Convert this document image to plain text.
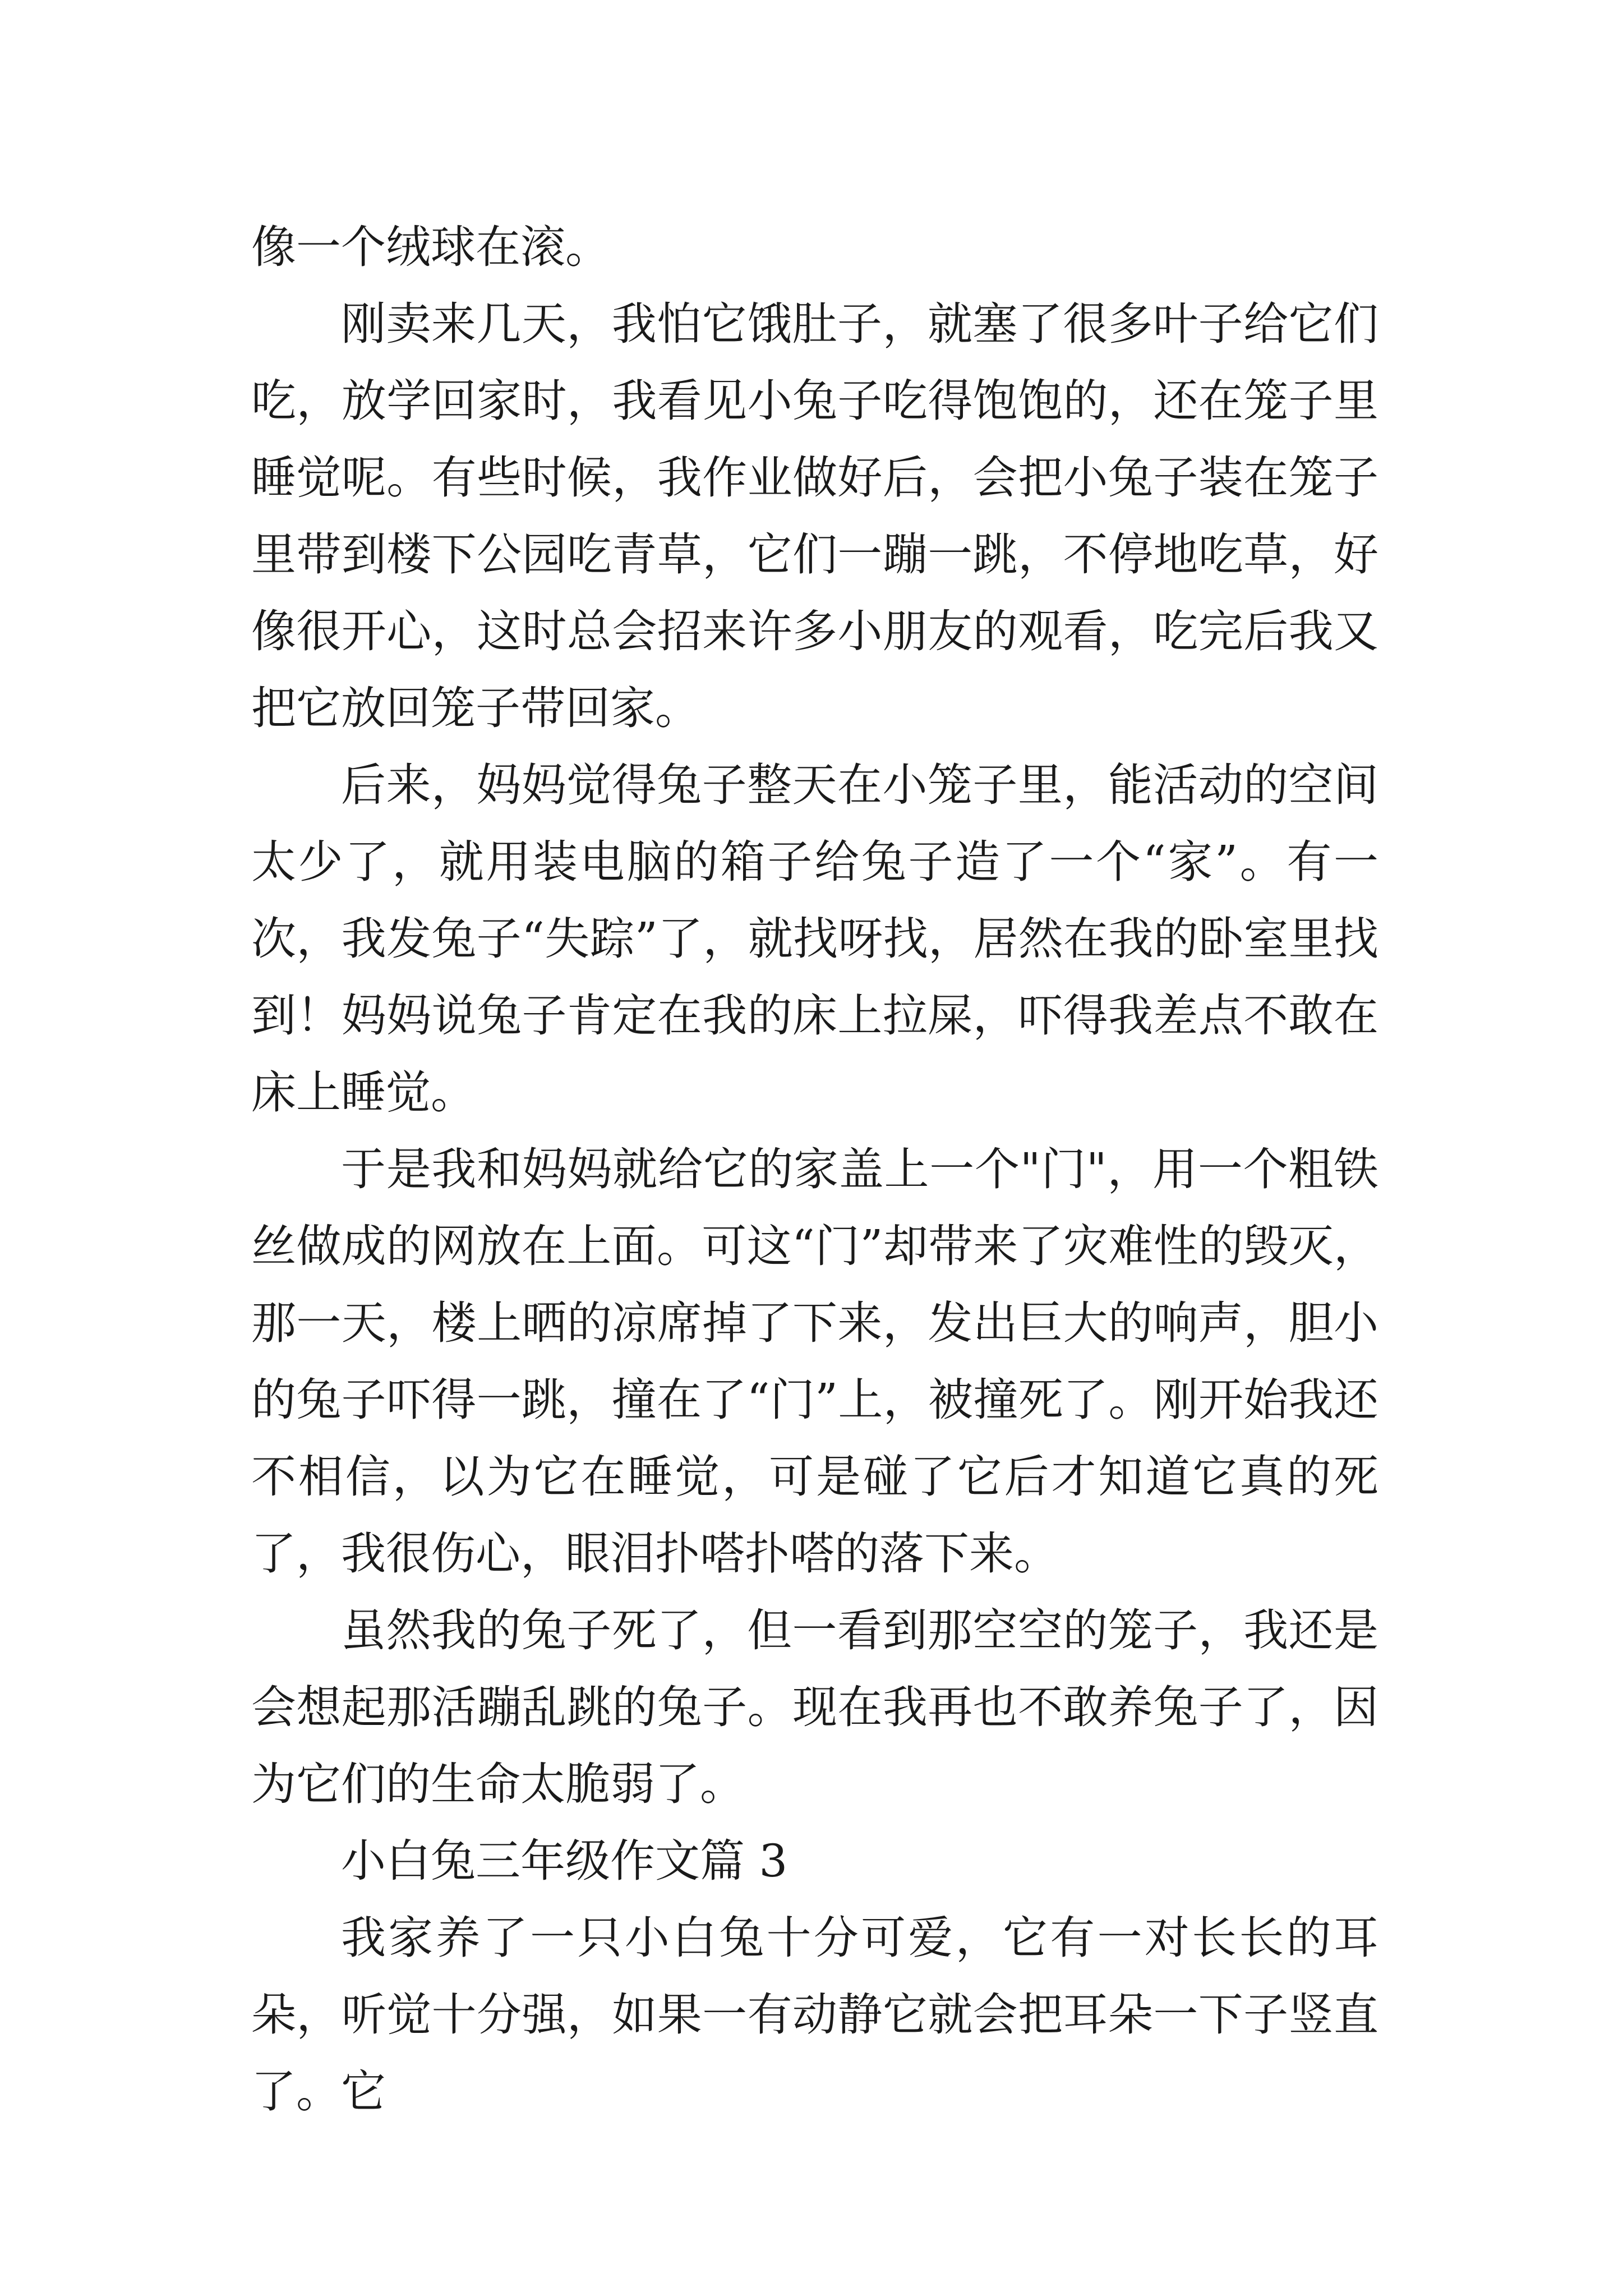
像一个绒球在滚。

刚卖来几天，我怕它饿肚子，就塞了很多叶子给它们吃，放学回家时，我看见小兔子吃得饱饱的，还在笼子里睡觉呢。有些时候，我作业做好后，会把小兔子装在笼子里带到楼下公园吃青草，它们一蹦一跳，不停地吃草，好像很开心，这时总会招来许多小朋友的观看，吃完后我又把它放回笼子带回家。

后来，妈妈觉得兔子整天在小笼子里，能活动的空间太少了，就用装电脑的箱子给兔子造了一个“家”。有一次，我发兔子“失踪”了，就找呀找，居然在我的卧室里找到！妈妈说兔子肯定在我的床上拉屎，吓得我差点不敢在床上睡觉。

于是我和妈妈就给它的家盖上一个"门"，用一个粗铁丝做成的网放在上面。可这“门”却带来了灾难性的毁灭，那一天，楼上晒的凉席掉了下来，发出巨大的响声，胆小的兔子吓得一跳，撞在了“门”上，被撞死了。刚开始我还不相信，以为它在睡觉，可是碰了它后才知道它真的死了，我很伤心，眼泪扑嗒扑嗒的落下来。

虽然我的兔子死了，但一看到那空空的笼子，我还是会想起那活蹦乱跳的兔子。现在我再也不敢养兔子了，因为它们的生命太脆弱了。

小白兔三年级作文篇 3

我家养了一只小白兔十分可爱，它有一对长长的耳朵，听觉十分强，如果一有动静它就会把耳朵一下子竖直了。它
